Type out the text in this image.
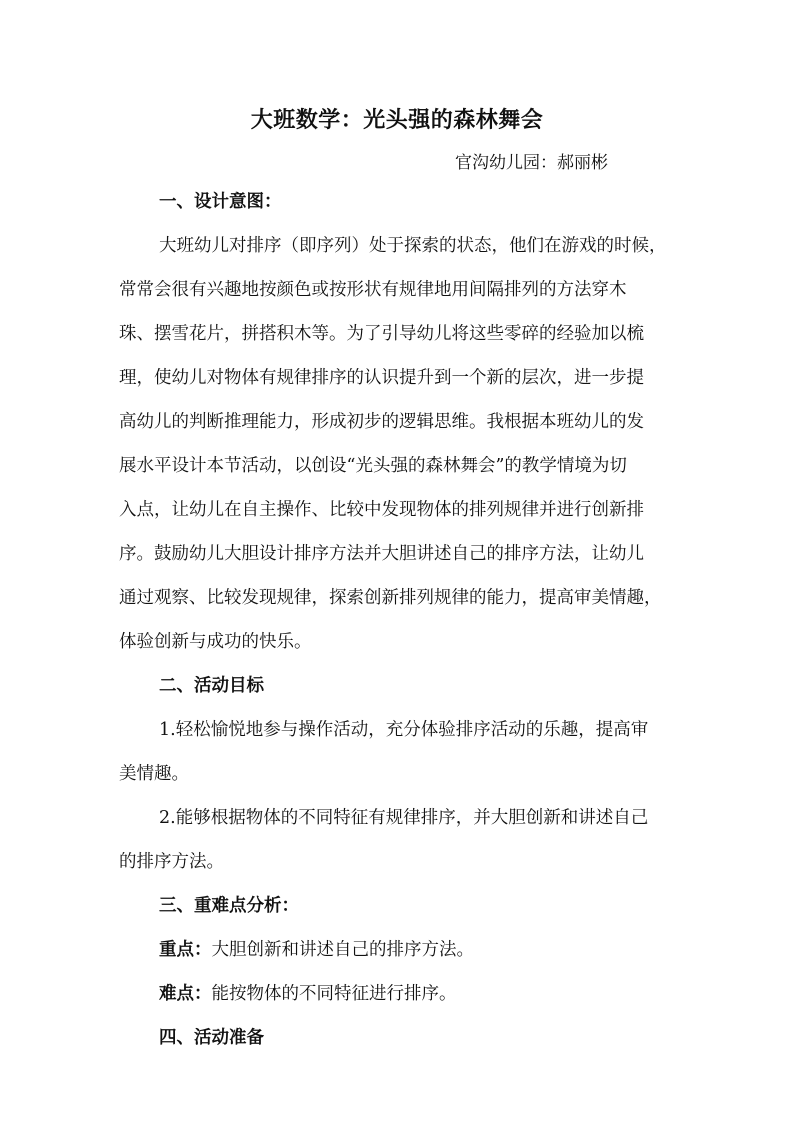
大班数学：光头强的森林舞会
官沟幼儿园：郝丽彬
一、设计意图：
大班幼儿对排序（即序列）处于探索的状态，他们在游戏的时候，
常常会很有兴趣地按颜色或按形状有规律地用间隔排列的方法穿木
珠、摆雪花片，拼搭积木等。为了引导幼儿将这些零碎的经验加以梳
理，使幼儿对物体有规律排序的认识提升到一个新的层次，进一步提
高幼儿的判断推理能力，形成初步的逻辑思维。我根据本班幼儿的发
展水平设计本节活动，以创设“光头强的森林舞会”的教学情境为切
入点，让幼儿在自主操作、比较中发现物体的排列规律并进行创新排
序。鼓励幼儿大胆设计排序方法并大胆讲述自己的排序方法，让幼儿
通过观察、比较发现规律，探索创新排列规律的能力，提高审美情趣，
体验创新与成功的快乐。
二、活动目标
1.轻松愉悦地参与操作活动，充分体验排序活动的乐趣，提高审
美情趣。
2.能够根据物体的不同特征有规律排序，并大胆创新和讲述自己
的排序方法。
三、重难点分析：
重点：大胆创新和讲述自己的排序方法。
难点：能按物体的不同特征进行排序。
四、活动准备
